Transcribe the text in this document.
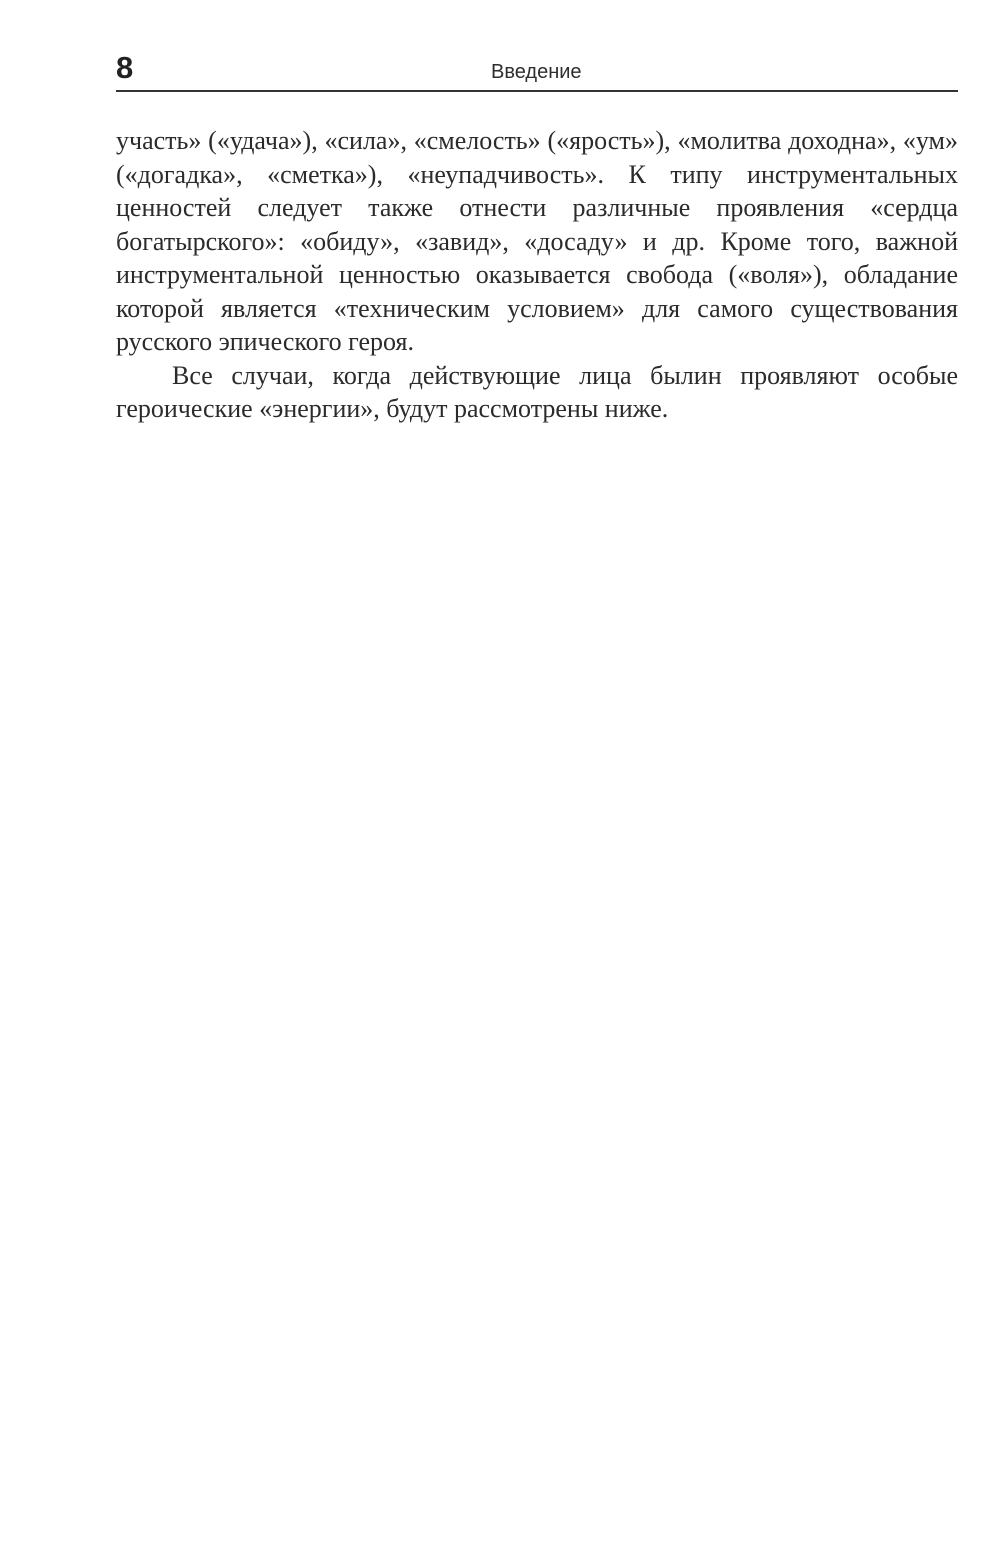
8	Введение

участь» («удача»), «сила», «смелость» («ярость»), «молитва доходна», «ум» («догадка», «сметка»), «неупадчивость». К типу инструментальных ценностей следует также отнести различные проявления «сердца богатырского»: «обиду», «завид», «досаду» и др. Кроме того, важной инструментальной ценностью оказывается свобода («воля»), обладание которой является «техническим условием» для самого существования русского эпического героя.

Все случаи, когда действующие лица былин проявляют особые героические «энергии», будут рассмотрены ниже.
